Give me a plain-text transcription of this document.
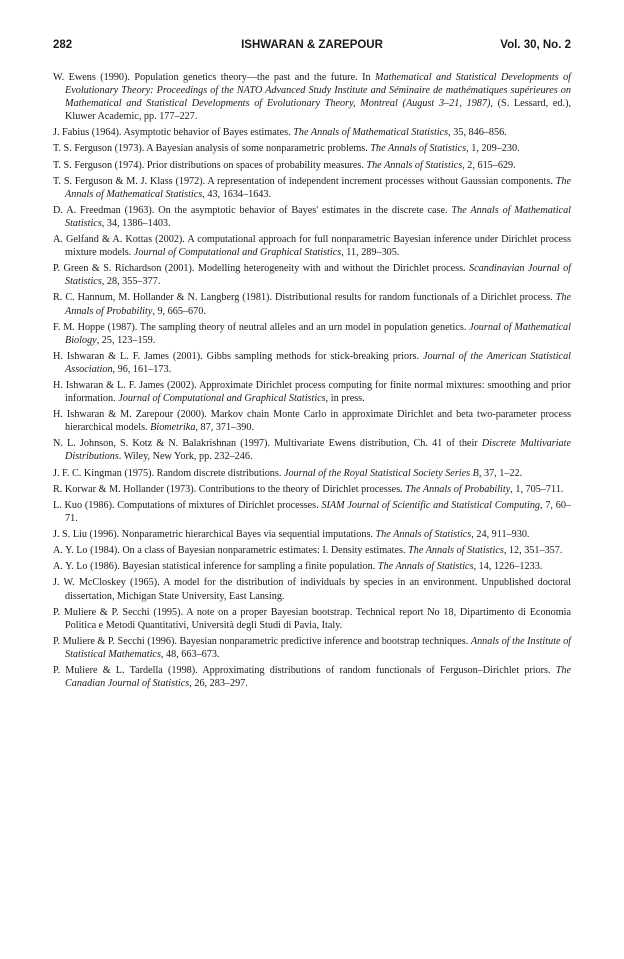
282	ISHWARAN & ZAREPOUR	Vol. 30, No. 2

W. Ewens (1990). Population genetics theory—the past and the future. In Mathematical and Statistical Developments of Evolutionary Theory: Proceedings of the NATO Advanced Study Institute and Séminaire de mathématiques supérieures on Mathematical and Statistical Developments of Evolutionary Theory, Montreal (August 3–21, 1987), (S. Lessard, ed.), Kluwer Academic, pp. 177–227.

J. Fabius (1964). Asymptotic behavior of Bayes estimates. The Annals of Mathematical Statistics, 35, 846–856.

T. S. Ferguson (1973). A Bayesian analysis of some nonparametric problems. The Annals of Statistics, 1, 209–230.

T. S. Ferguson (1974). Prior distributions on spaces of probability measures. The Annals of Statistics, 2, 615–629.

T. S. Ferguson & M. J. Klass (1972). A representation of independent increment processes without Gaussian components. The Annals of Mathematical Statistics, 43, 1634–1643.

D. A. Freedman (1963). On the asymptotic behavior of Bayes' estimates in the discrete case. The Annals of Mathematical Statistics, 34, 1386–1403.

A. Gelfand & A. Kottas (2002). A computational approach for full nonparametric Bayesian inference under Dirichlet process mixture models. Journal of Computational and Graphical Statistics, 11, 289–305.

P. Green & S. Richardson (2001). Modelling heterogeneity with and without the Dirichlet process. Scandinavian Journal of Statistics, 28, 355–377.

R. C. Hannum, M. Hollander & N. Langberg (1981). Distributional results for random functionals of a Dirichlet process. The Annals of Probability, 9, 665–670.

F. M. Hoppe (1987). The sampling theory of neutral alleles and an urn model in population genetics. Journal of Mathematical Biology, 25, 123–159.

H. Ishwaran & L. F. James (2001). Gibbs sampling methods for stick-breaking priors. Journal of the American Statistical Association, 96, 161–173.

H. Ishwaran & L. F. James (2002). Approximate Dirichlet process computing for finite normal mixtures: smoothing and prior information. Journal of Computational and Graphical Statistics, in press.

H. Ishwaran & M. Zarepour (2000). Markov chain Monte Carlo in approximate Dirichlet and beta two-parameter process hierarchical models. Biometrika, 87, 371–390.

N. L. Johnson, S. Kotz & N. Balakrishnan (1997). Multivariate Ewens distribution, Ch. 41 of their Discrete Multivariate Distributions. Wiley, New York, pp. 232–246.

J. F. C. Kingman (1975). Random discrete distributions. Journal of the Royal Statistical Society Series B, 37, 1–22.

R. Korwar & M. Hollander (1973). Contributions to the theory of Dirichlet processes. The Annals of Probability, 1, 705–711.

L. Kuo (1986). Computations of mixtures of Dirichlet processes. SIAM Journal of Scientific and Statistical Computing, 7, 60–71.

J. S. Liu (1996). Nonparametric hierarchical Bayes via sequential imputations. The Annals of Statistics, 24, 911–930.

A. Y. Lo (1984). On a class of Bayesian nonparametric estimates: I. Density estimates. The Annals of Statistics, 12, 351–357.

A. Y. Lo (1986). Bayesian statistical inference for sampling a finite population. The Annals of Statistics, 14, 1226–1233.

J. W. McCloskey (1965). A model for the distribution of individuals by species in an environment. Unpublished doctoral dissertation, Michigan State University, East Lansing.

P. Muliere & P. Secchi (1995). A note on a proper Bayesian bootstrap. Technical report No 18, Dipartimento di Economia Politica e Metodi Quantitativi, Università degli Studi di Pavia, Italy.

P. Muliere & P. Secchi (1996). Bayesian nonparametric predictive inference and bootstrap techniques. Annals of the Institute of Statistical Mathematics, 48, 663–673.

P. Muliere & L. Tardella (1998). Approximating distributions of random functionals of Ferguson–Dirichlet priors. The Canadian Journal of Statistics, 26, 283–297.
